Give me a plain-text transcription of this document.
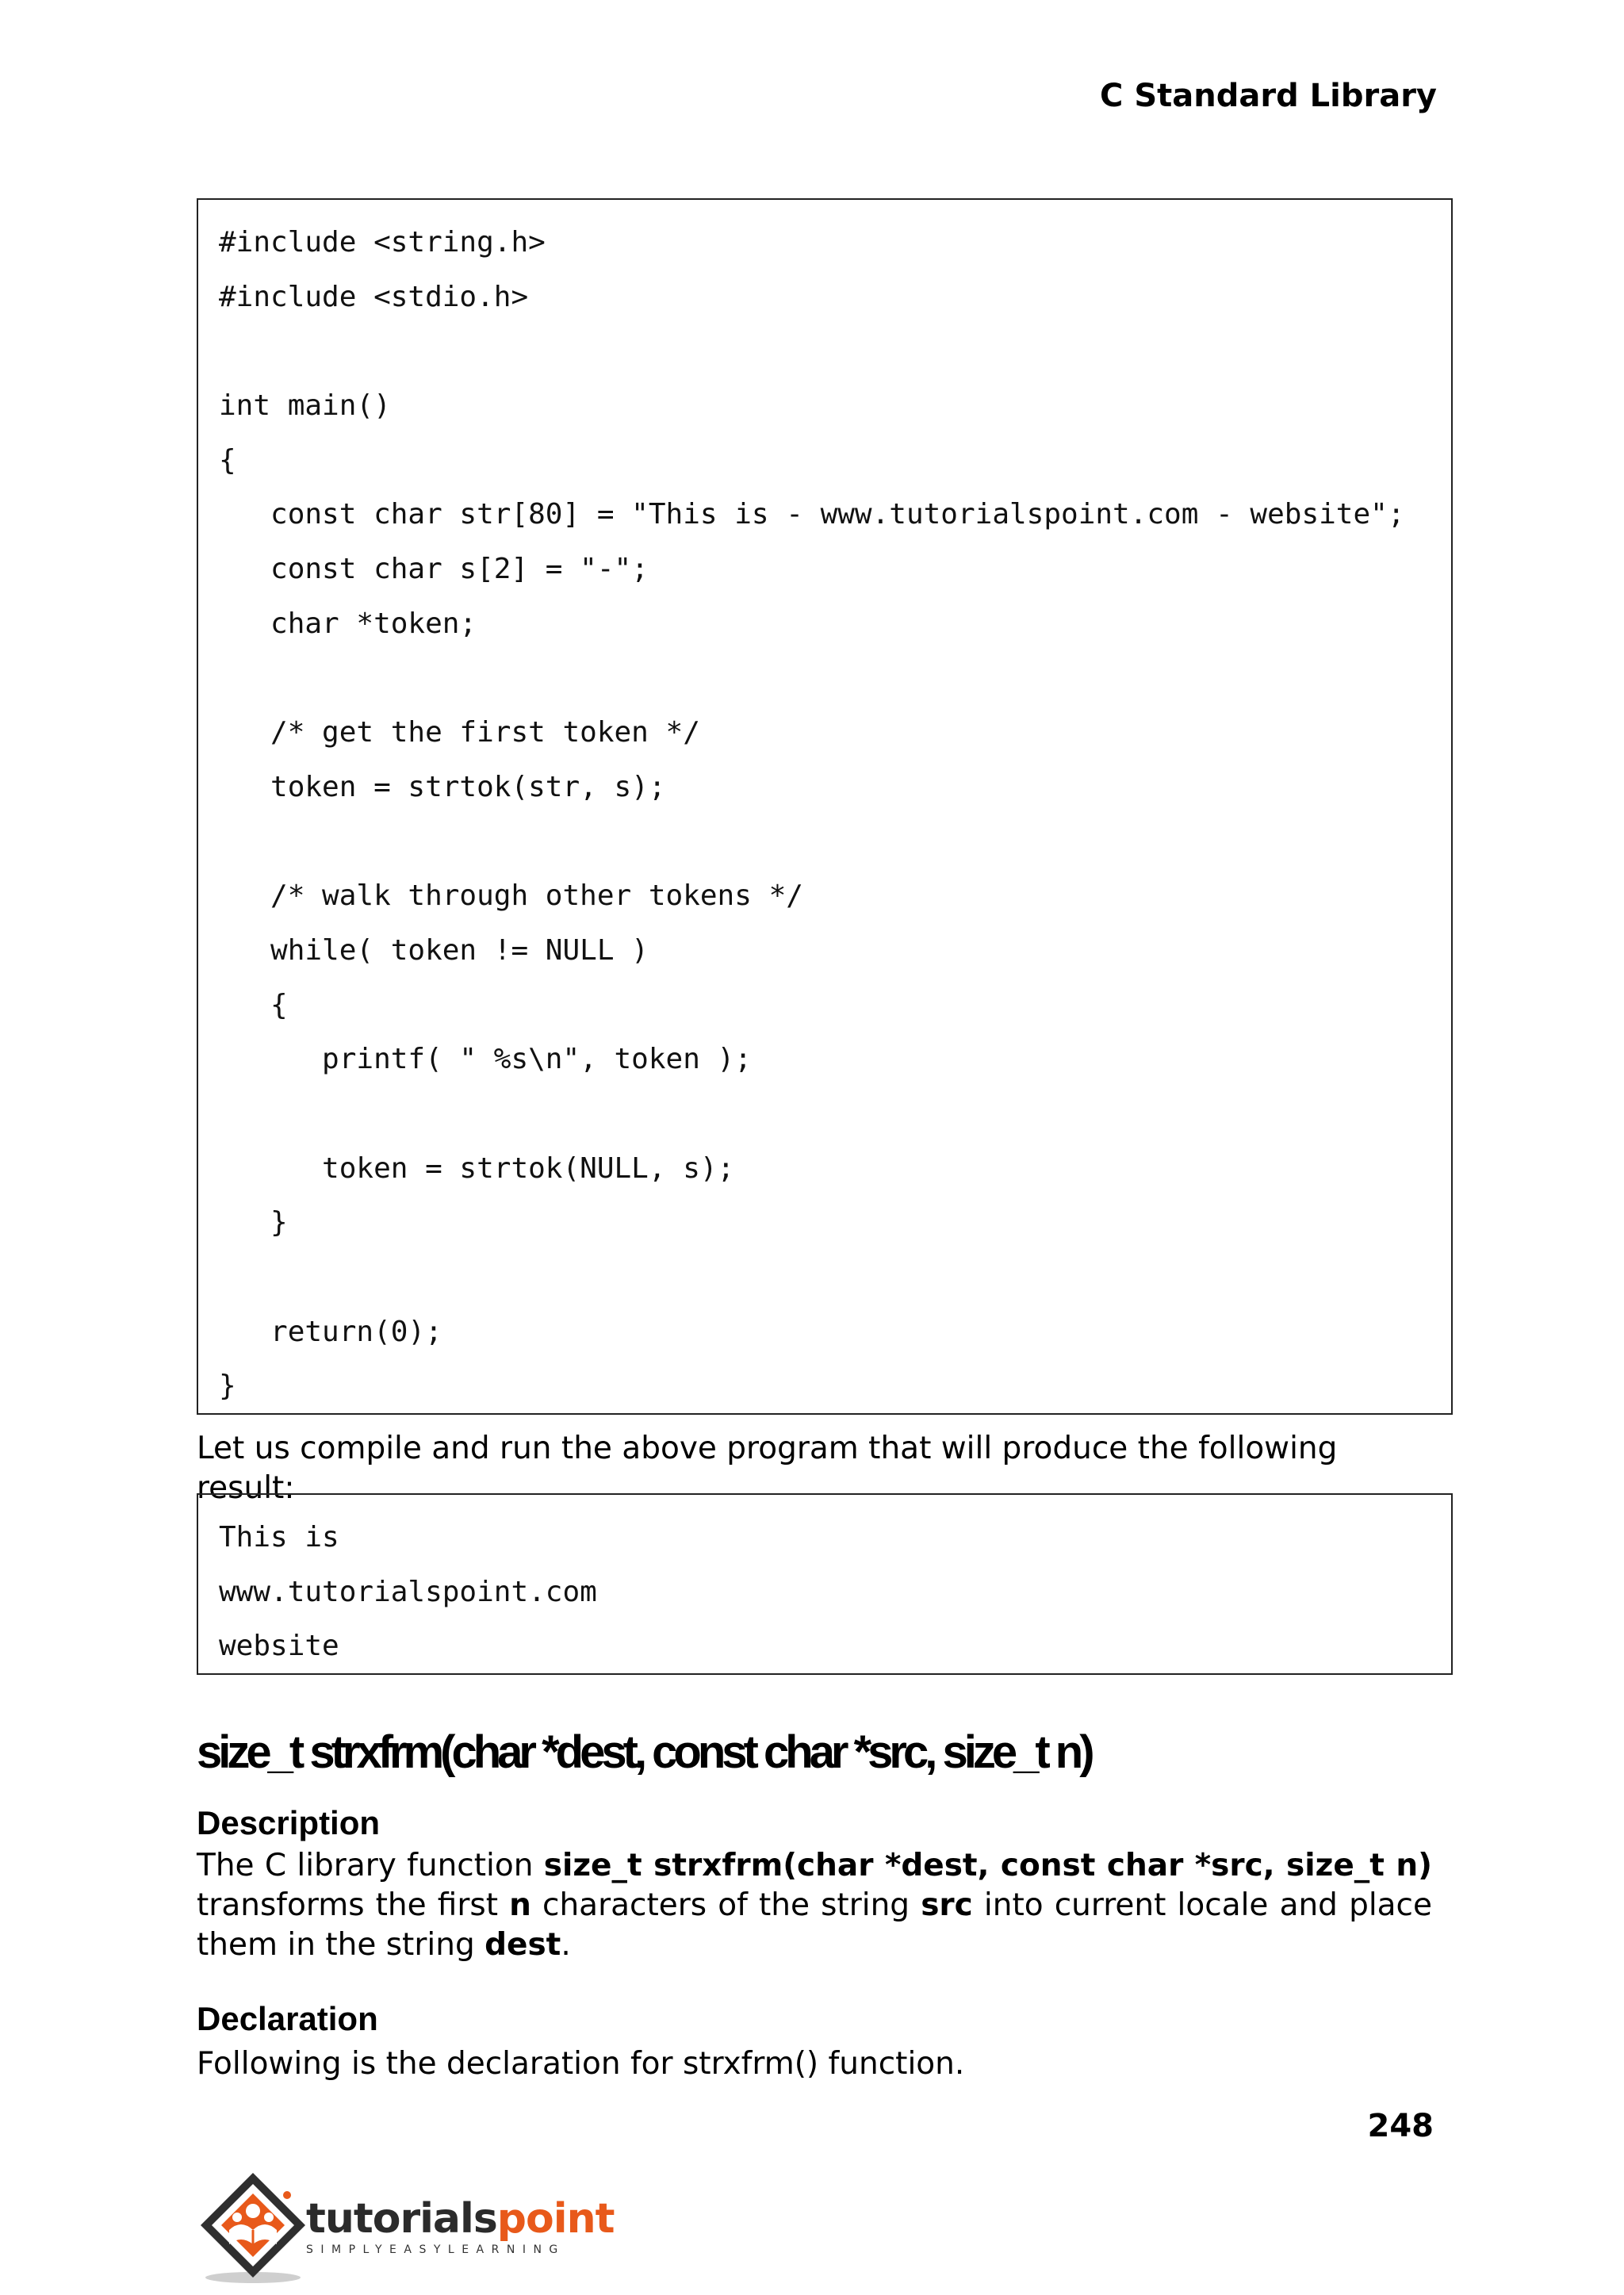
C Standard Library
#include <string.h>
#include <stdio.h>
int main()
{
const char str[80] = "This is - www.tutorialspoint.com - website";
const char s[2] = "-";
char *token;
/* get the first token */
token = strtok(str, s);
/* walk through other tokens */
while( token != NULL )
{
printf( " %s\n", token );
token = strtok(NULL, s);
}
return(0);
}
Let us compile and run the above program that will produce the following result:
This is
www.tutorialspoint.com
website
size_t strxfrm(char *dest, const char *src, size_t n)
Description
The C library function size_t strxfrm(char *dest, const char *src, size_t n) transforms the first n characters of the string src into current locale and place them in the string dest.
Declaration
Following is the declaration for strxfrm() function.
248
tutorialspoint
SIMPLYEASYLEARNING
